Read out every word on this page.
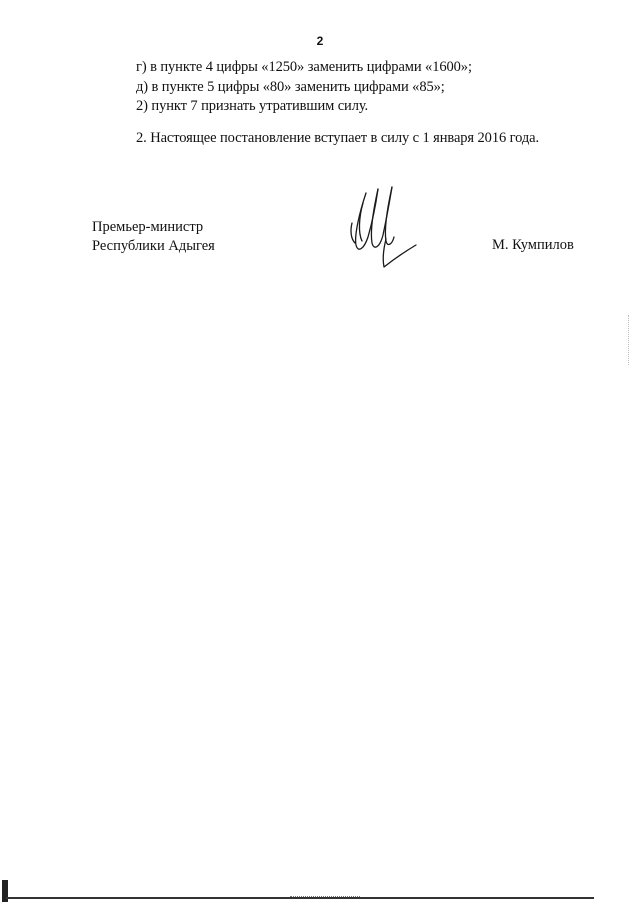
2
г) в пункте 4 цифры «1250» заменить цифрами «1600»;
д) в пункте 5 цифры «80» заменить цифрами «85»;
2) пункт 7 признать утратившим силу.
2. Настоящее постановление вступает в силу с 1 января 2016 года.
Премьер-министр
Республики Адыгея	М. Кумпилов
